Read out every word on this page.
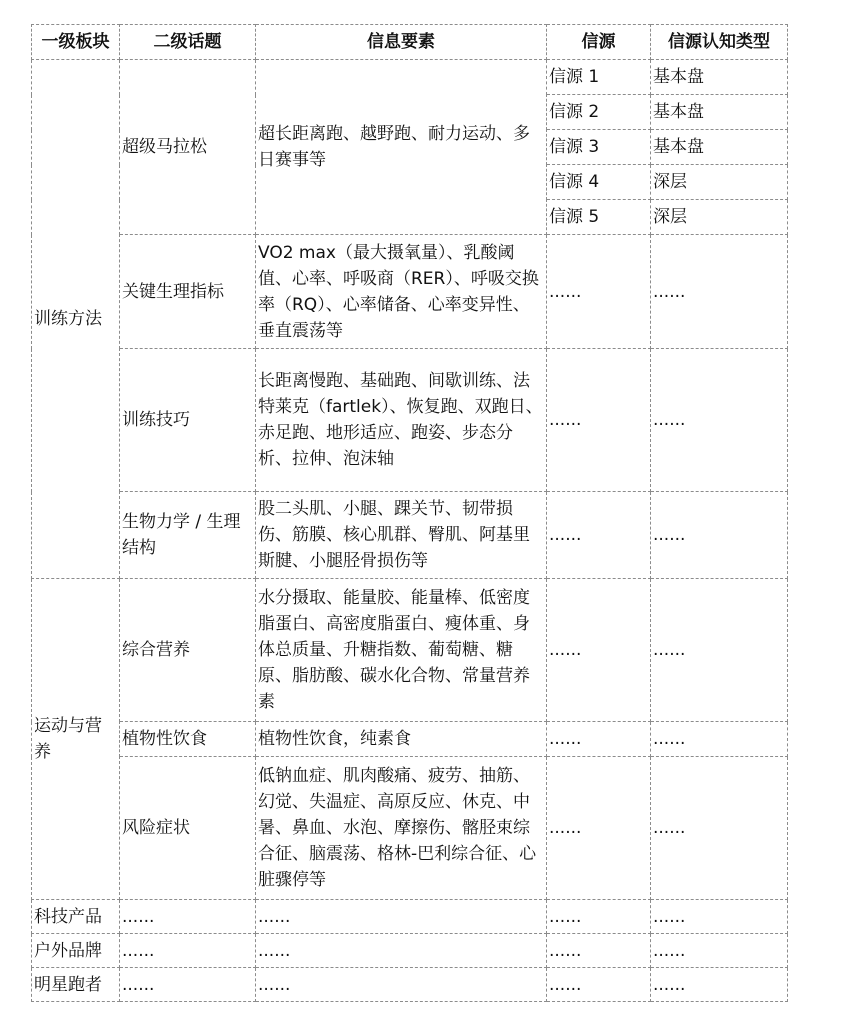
一级板块	二级话题	信息要素	信源	信源认知类型
训练方法	超级马拉松	超长距离跑、越野跑、耐力运动、多日赛事等	信源 1	基本盘
			信源 2	基本盘
			信源 3	基本盘
			信源 4	深层
			信源 5	深层
	关键生理指标	VO2 max（最大摄氧量）、乳酸阈值、心率、呼吸商（RER）、呼吸交换率（RQ）、心率储备、心率变异性、垂直震荡等	......	......
	训练技巧	长距离慢跑、基础跑、间歇训练、法特莱克（fartlek）、恢复跑、双跑日、赤足跑、地形适应、跑姿、步态分析、拉伸、泡沫轴	......	......
	生物力学 / 生理结构	股二头肌、小腿、踝关节、韧带损伤、筋膜、核心肌群、臀肌、阿基里斯腱、小腿胫骨损伤等	......	......
运动与营养	综合营养	水分摄取、能量胶、能量棒、低密度脂蛋白、高密度脂蛋白、瘦体重、身体总质量、升糖指数、葡萄糖、糖原、脂肪酸、碳水化合物、常量营养素	......	......
	植物性饮食	植物性饮食，纯素食	......	......
	风险症状	低钠血症、肌肉酸痛、疲劳、抽筋、幻觉、失温症、高原反应、休克、中暑、鼻血、水泡、摩擦伤、髂胫束综合征、脑震荡、格林-巴利综合征、心脏骤停等	......	......
科技产品	......	......	......	......
户外品牌	......	......	......	......
明星跑者	......	......	......	......
